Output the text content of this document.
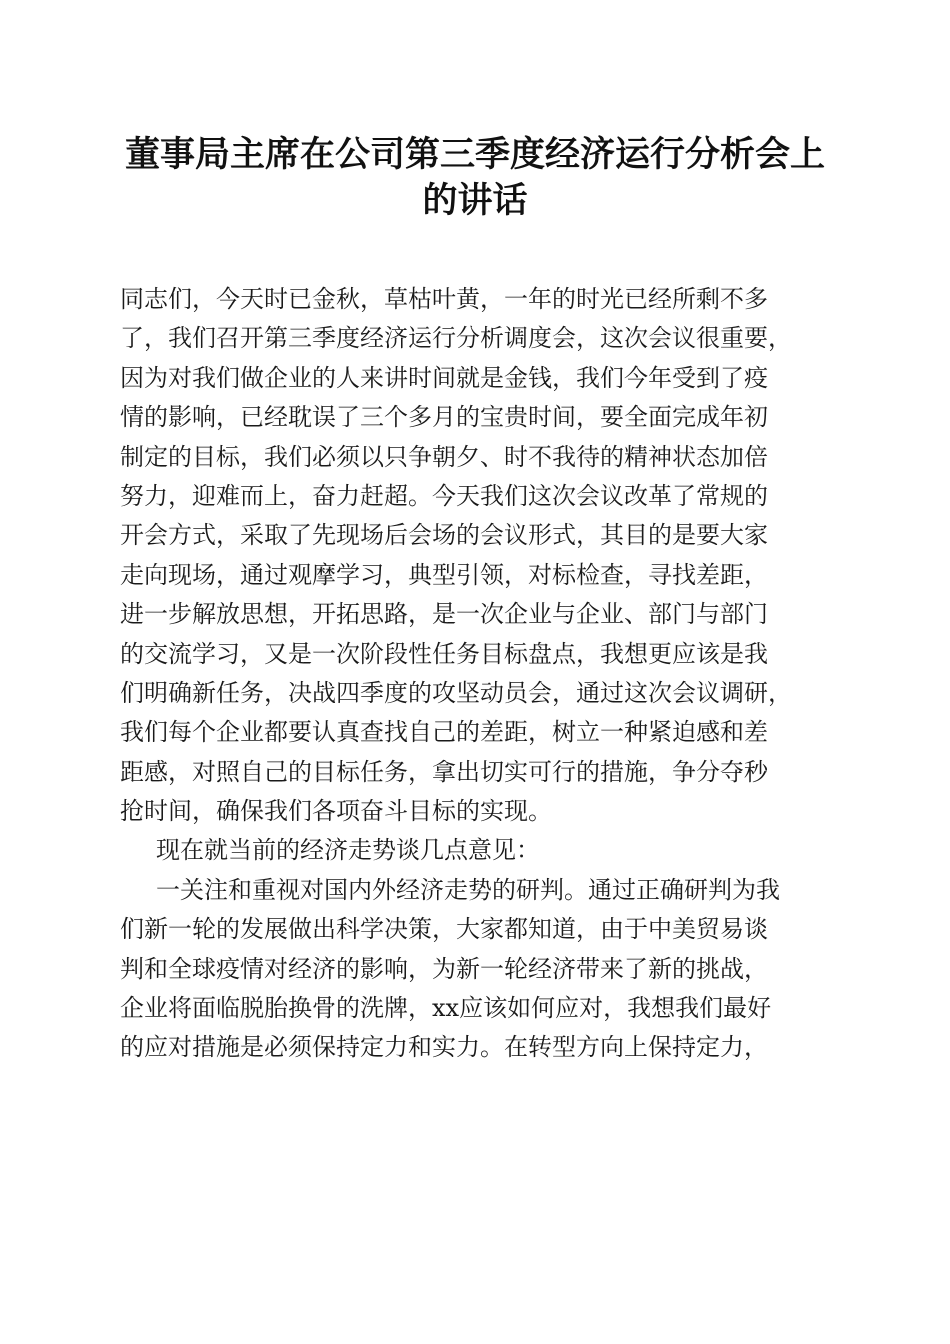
董事局主席在公司第三季度经济运行分析会上
的讲话
同志们，今天时已金秋，草枯叶黄，一年的时光已经所剩不多
了，我们召开第三季度经济运行分析调度会，这次会议很重要，
因为对我们做企业的人来讲时间就是金钱，我们今年受到了疫
情的影响，已经耽误了三个多月的宝贵时间，要全面完成年初
制定的目标，我们必须以只争朝夕、时不我待的精神状态加倍
努力，迎难而上，奋力赶超。今天我们这次会议改革了常规的
开会方式，采取了先现场后会场的会议形式，其目的是要大家
走向现场，通过观摩学习，典型引领，对标检查，寻找差距，
进一步解放思想，开拓思路，是一次企业与企业、部门与部门
的交流学习，又是一次阶段性任务目标盘点，我想更应该是我
们明确新任务，决战四季度的攻坚动员会，通过这次会议调研，
我们每个企业都要认真查找自己的差距，树立一种紧迫感和差
距感，对照自己的目标任务，拿出切实可行的措施，争分夺秒
抢时间，确保我们各项奋斗目标的实现。
现在就当前的经济走势谈几点意见：
一关注和重视对国内外经济走势的研判。通过正确研判为我
们新一轮的发展做出科学决策，大家都知道，由于中美贸易谈
判和全球疫情对经济的影响，为新一轮经济带来了新的挑战，
企业将面临脱胎换骨的洗牌，xx应该如何应对，我想我们最好
的应对措施是必须保持定力和实力。在转型方向上保持定力，
